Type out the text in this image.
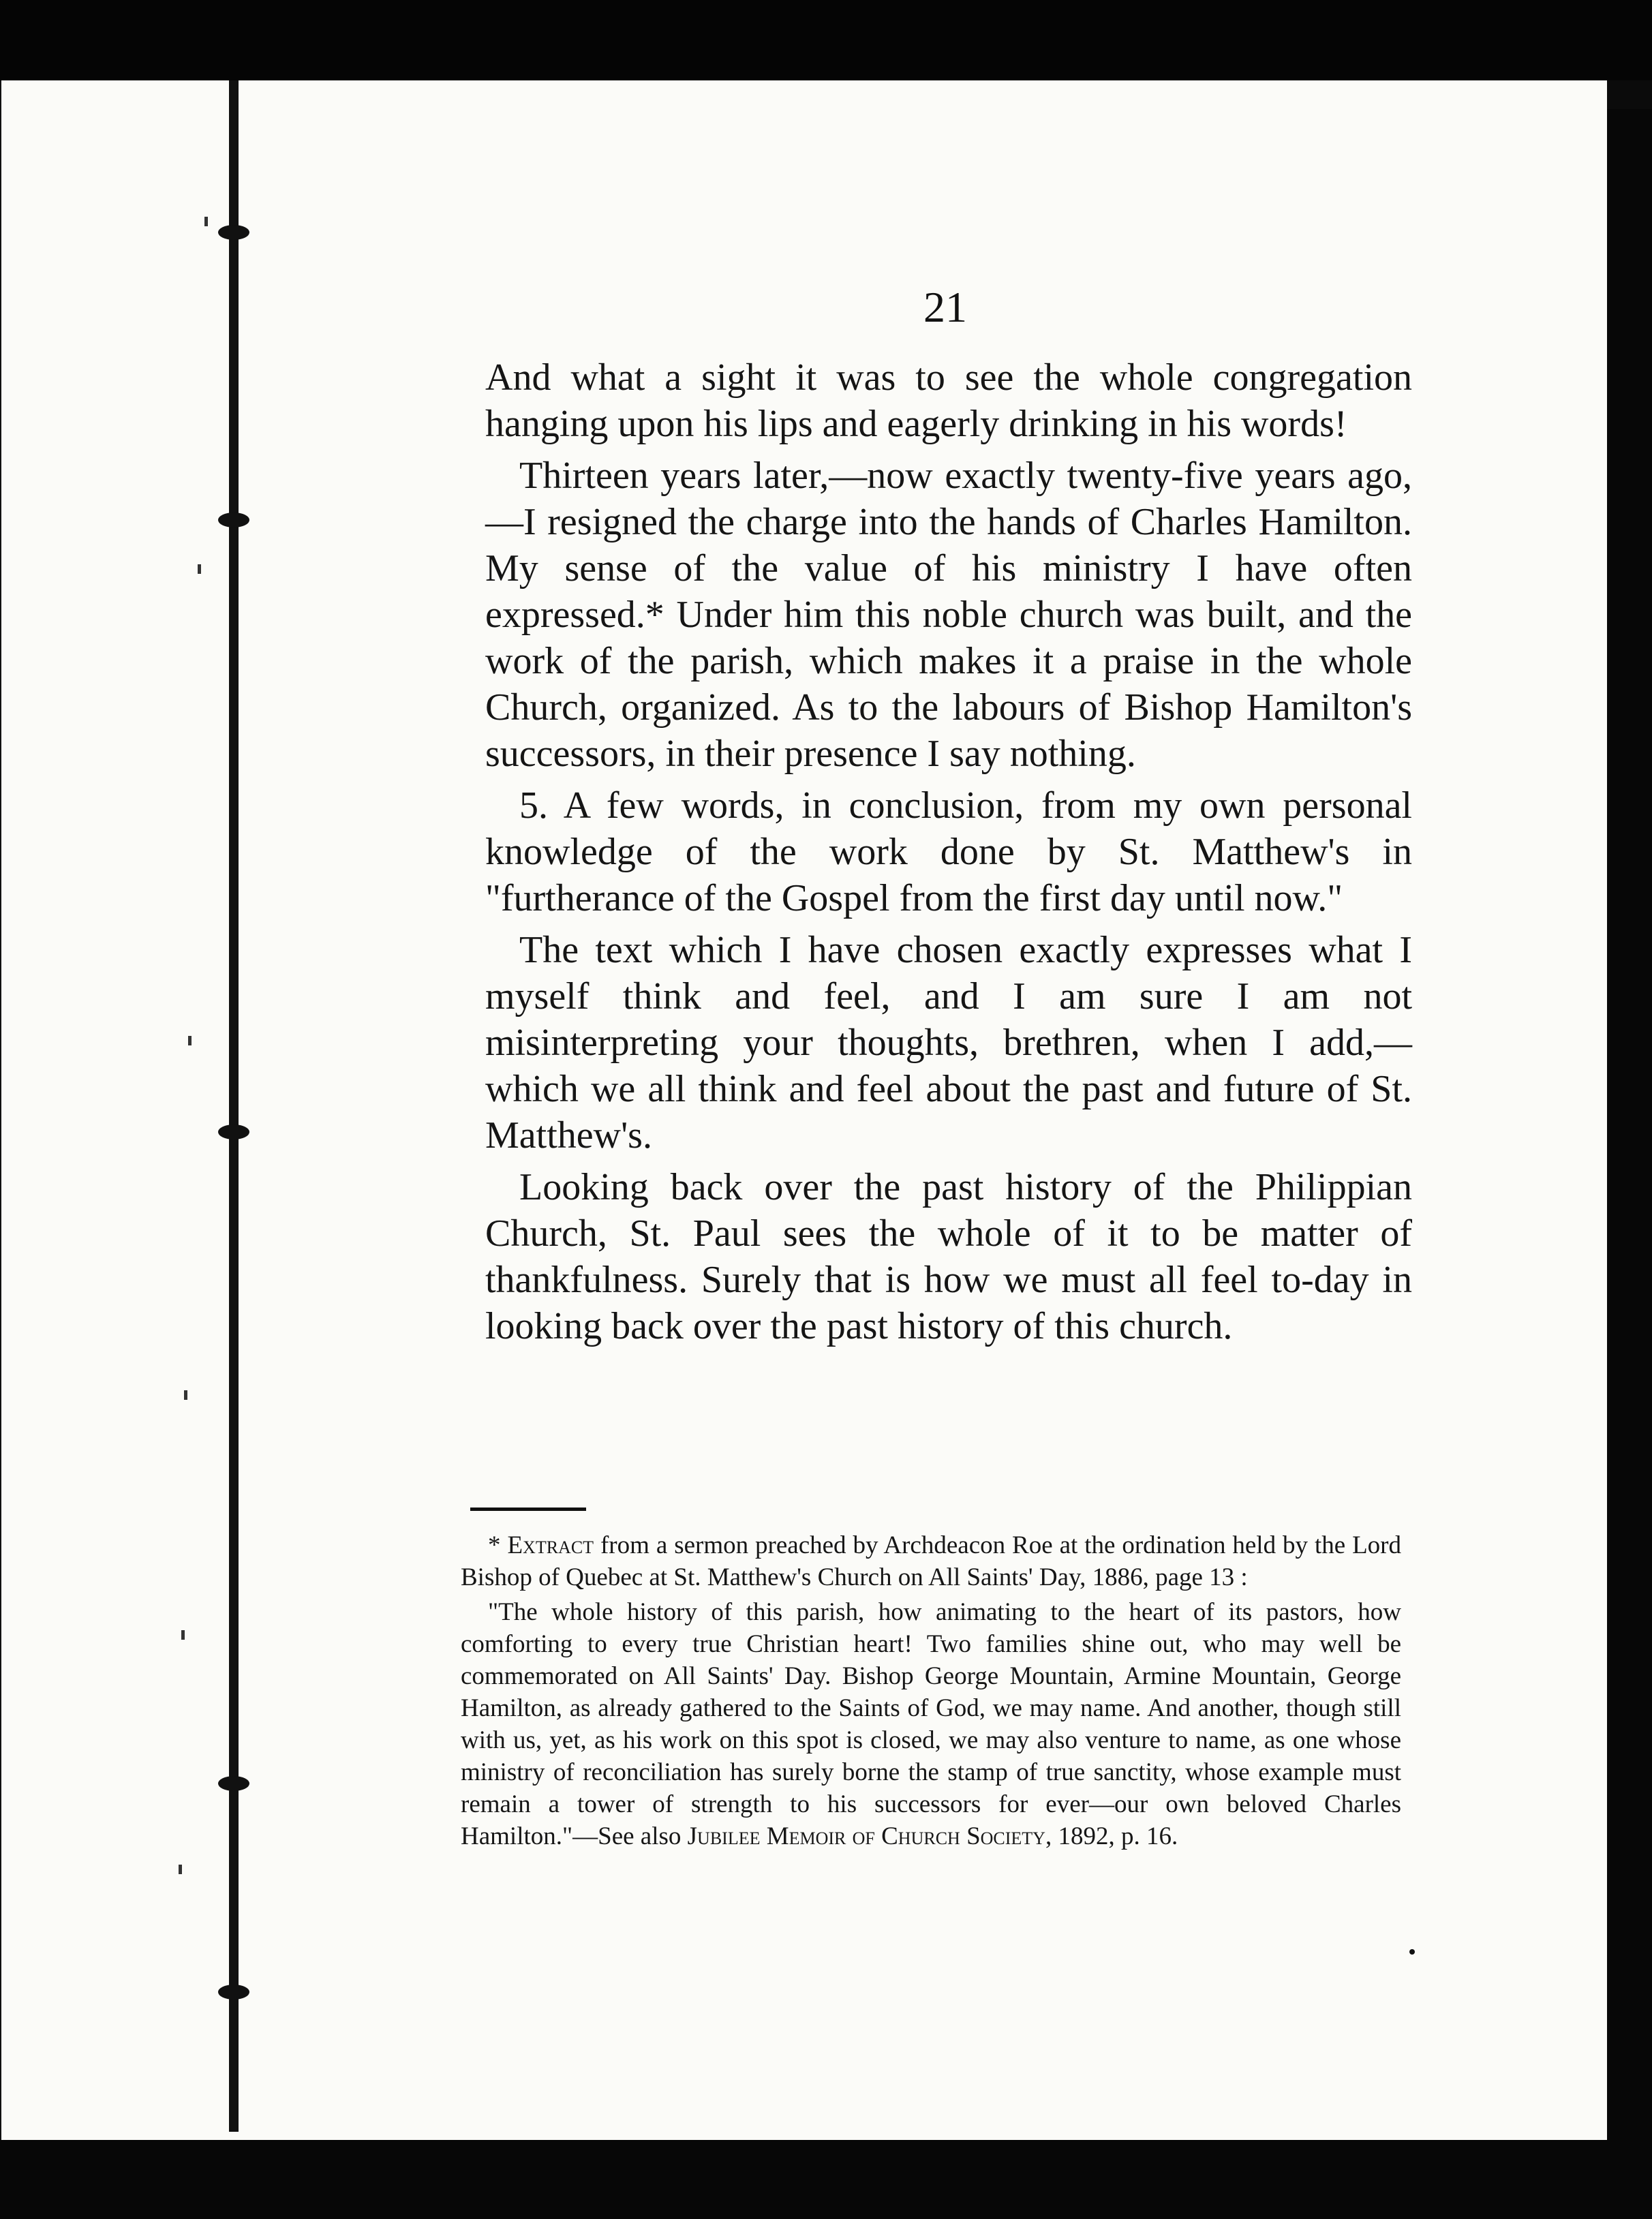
21

And what a sight it was to see the whole congregation hanging upon his lips and eagerly drinking in his words!

Thirteen years later,—now exactly twenty-five years ago,—I resigned the charge into the hands of Charles Hamilton. My sense of the value of his ministry I have often expressed.* Under him this noble church was built, and the work of the parish, which makes it a praise in the whole Church, organized. As to the labours of Bishop Hamilton's successors, in their presence I say nothing.

5. A few words, in conclusion, from my own personal knowledge of the work done by St. Matthew's in "furtherance of the Gospel from the first day until now."

The text which I have chosen exactly expresses what I myself think and feel, and I am sure I am not misinterpreting your thoughts, brethren, when I add,—which we all think and feel about the past and future of St. Matthew's.

Looking back over the past history of the Philippian Church, St. Paul sees the whole of it to be matter of thankfulness. Surely that is how we must all feel to-day in looking back over the past history of this church.

* Extract from a sermon preached by Archdeacon Roe at the ordination held by the Lord Bishop of Quebec at St. Matthew's Church on All Saints' Day, 1886, page 13 :

"The whole history of this parish, how animating to the heart of its pastors, how comforting to every true Christian heart! Two families shine out, who may well be commemorated on All Saints' Day. Bishop George Mountain, Armine Mountain, George Hamilton, as already gathered to the Saints of God, we may name. And another, though still with us, yet, as his work on this spot is closed, we may also venture to name, as one whose ministry of reconciliation has surely borne the stamp of true sanctity, whose example must remain a tower of strength to his successors for ever—our own beloved Charles Hamilton."—See also Jubilee Memoir of Church Society, 1892, p. 16.
